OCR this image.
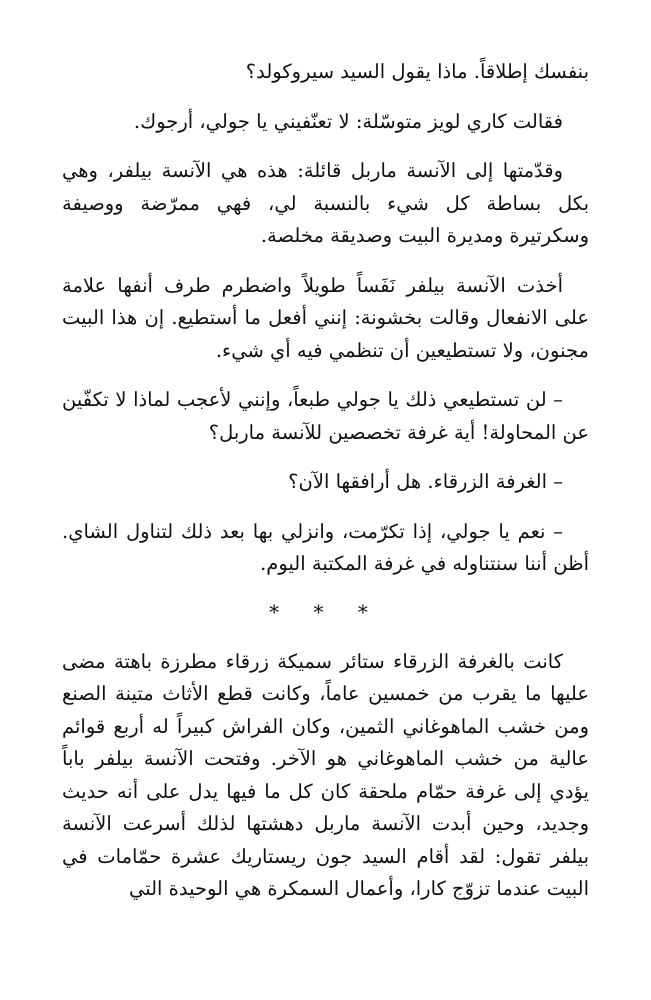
بنفسك إطلاقاً. ماذا يقول السيد سيروكولد؟

فقالت كاري لويز متوسّلة: لا تعنّفيني يا جولي، أرجوك.

وقدّمتها إلى الآنسة ماربل قائلة: هذه هي الآنسة بيلفر، وهي بكل بساطة كل شيء بالنسبة لي، فهي ممرّضة ووصيفة وسكرتيرة ومديرة البيت وصديقة مخلصة.

أخذت الآنسة بيلفر نَفَساً طويلاً واضطرم طرف أنفها علامة على الانفعال وقالت بخشونة: إنني أفعل ما أستطيع. إن هذا البيت مجنون، ولا تستطيعين أن تنظمي فيه أي شيء.

– لن تستطيعي ذلك يا جولي طبعاً، وإنني لأعجب لماذا لا تكفّين عن المحاولة! أية غرفة تخصصين للآنسة ماربل؟

– الغرفة الزرقاء. هل أرافقها الآن؟

– نعم يا جولي، إذا تكرّمت، وانزلي بها بعد ذلك لتناول الشاي. أظن أننا سنتناوله في غرفة المكتبة اليوم.

* * *

كانت بالغرفة الزرقاء ستائر سميكة زرقاء مطرزة باهتة مضى عليها ما يقرب من خمسين عاماً، وكانت قطع الأثاث متينة الصنع ومن خشب الماهوغاني الثمين، وكان الفراش كبيراً له أربع قوائم عالية من خشب الماهوغاني هو الآخر. وفتحت الآنسة بيلفر باباً يؤدي إلى غرفة حمّام ملحقة كان كل ما فيها يدل على أنه حديث وجديد، وحين أبدت الآنسة ماربل دهشتها لذلك أسرعت الآنسة بيلفر تقول: لقد أقام السيد جون ريستاريك عشرة حمّامات في البيت عندما تزوّج كارا، وأعمال السمكرة هي الوحيدة التي
